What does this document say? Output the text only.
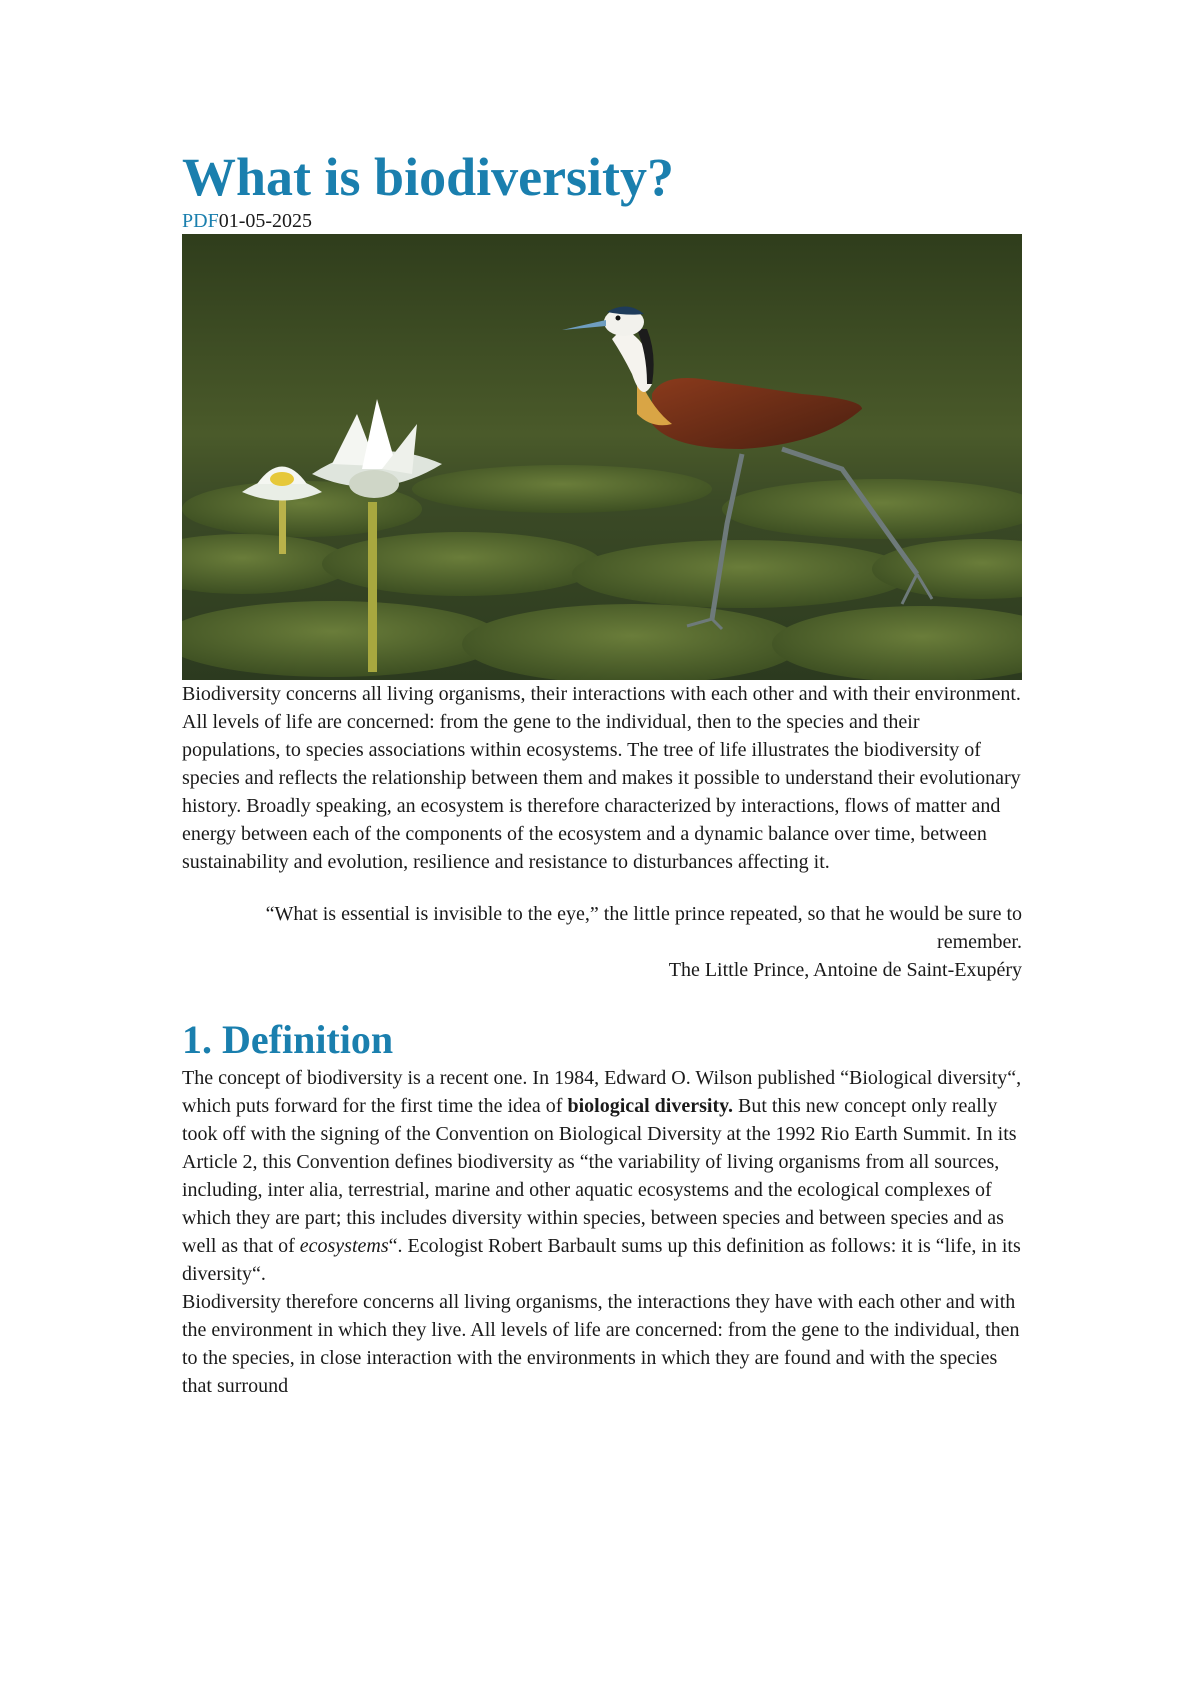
What is biodiversity?
PDF01-05-2025

Biodiversity concerns all living organisms, their interactions with each other and with their environment. All levels of life are concerned: from the gene to the individual, then to the species and their populations, to species associations within ecosystems. The tree of life illustrates the biodiversity of species and reflects the relationship between them and makes it possible to understand their evolutionary history. Broadly speaking, an ecosystem is therefore characterized by interactions, flows of matter and energy between each of the components of the ecosystem and a dynamic balance over time, between sustainability and evolution, resilience and resistance to disturbances affecting it.

“What is essential is invisible to the eye,” the little prince repeated, so that he would be sure to remember.
The Little Prince, Antoine de Saint-Exupéry
1. Definition

The concept of biodiversity is a recent one. In 1984, Edward O. Wilson published “Biological diversity“, which puts forward for the first time the idea of biological diversity. But this new concept only really took off with the signing of the Convention on Biological Diversity at the 1992 Rio Earth Summit. In its Article 2, this Convention defines biodiversity as “the variability of living organisms from all sources, including, inter alia, terrestrial, marine and other aquatic ecosystems and the ecological complexes of which they are part; this includes diversity within species, between species and between species and as well as that of ecosystems“. Ecologist Robert Barbault sums up this definition as follows: it is “life, in its diversity“.

Biodiversity therefore concerns all living organisms, the interactions they have with each other and with the environment in which they live. All levels of life are concerned: from the gene to the individual, then to the species, in close interaction with the environments in which they are found and with the species that surround
